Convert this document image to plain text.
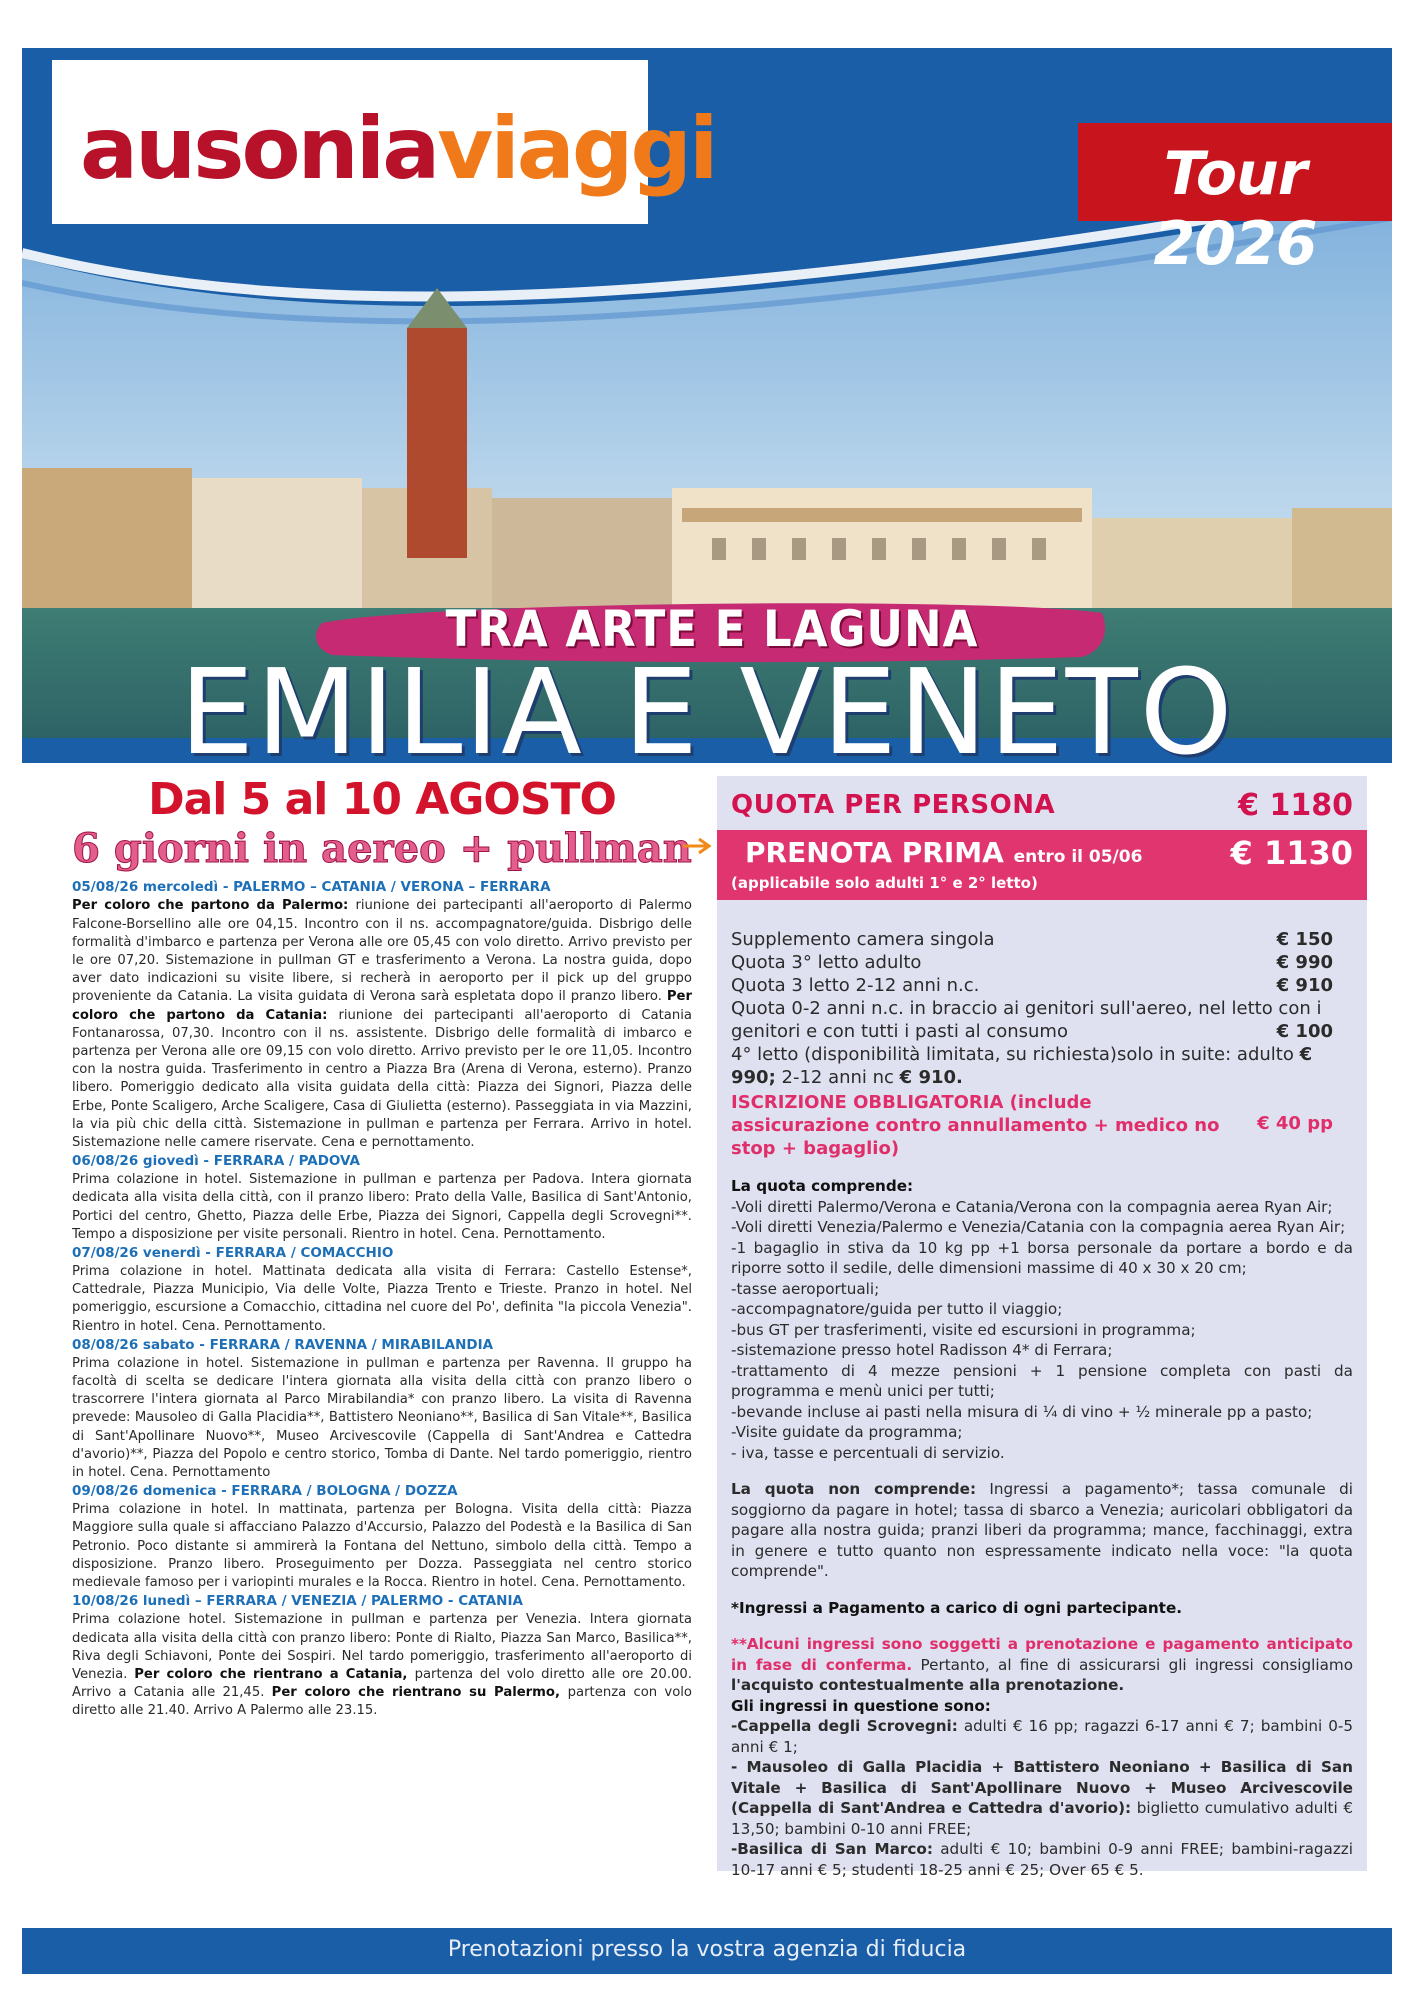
ausoniaviaggi	Tour 2026
TRA ARTE E LAGUNA
EMILIA E VENETO
Dal 5 al 10 AGOSTO
6 giorni in aereo + pullman

05/08/26 mercoledì - PALERMO – CATANIA / VERONA – FERRARA

Per coloro che partono da Palermo: riunione dei partecipanti all'aeroporto di Palermo Falcone-Borsellino alle ore 04,15. Incontro con il ns. accompagnatore/guida. Disbrigo delle formalità d'imbarco e partenza per Verona alle ore 05,45 con volo diretto. Arrivo previsto per le ore 07,20. Sistemazione in pullman GT e trasferimento a Verona. La nostra guida, dopo aver dato indicazioni su visite libere, si recherà in aeroporto per il pick up del gruppo proveniente da Catania. La visita guidata di Verona sarà espletata dopo il pranzo libero. Per coloro che partono da Catania: riunione dei partecipanti all'aeroporto di Catania Fontanarossa, 07,30. Incontro con il ns. assistente. Disbrigo delle formalità di imbarco e partenza per Verona alle ore 09,15 con volo diretto. Arrivo previsto per le ore 11,05. Incontro con la nostra guida. Trasferimento in centro a Piazza Bra (Arena di Verona, esterno). Pranzo libero. Pomeriggio dedicato alla visita guidata della città: Piazza dei Signori, Piazza delle Erbe, Ponte Scaligero, Arche Scaligere, Casa di Giulietta (esterno). Passeggiata in via Mazzini, la via più chic della città. Sistemazione in pullman e partenza per Ferrara. Arrivo in hotel. Sistemazione nelle camere riservate. Cena e pernottamento.

06/08/26 giovedì - FERRARA / PADOVA

Prima colazione in hotel. Sistemazione in pullman e partenza per Padova. Intera giornata dedicata alla visita della città, con il pranzo libero: Prato della Valle, Basilica di Sant'Antonio, Portici del centro, Ghetto, Piazza delle Erbe, Piazza dei Signori, Cappella degli Scrovegni**. Tempo a disposizione per visite personali. Rientro in hotel. Cena. Pernottamento.

07/08/26 venerdì - FERRARA / COMACCHIO

Prima colazione in hotel. Mattinata dedicata alla visita di Ferrara: Castello Estense*, Cattedrale, Piazza Municipio, Via delle Volte, Piazza Trento e Trieste. Pranzo in hotel. Nel pomeriggio, escursione a Comacchio, cittadina nel cuore del Po', definita "la piccola Venezia". Rientro in hotel. Cena. Pernottamento.

08/08/26 sabato - FERRARA / RAVENNA / MIRABILANDIA

Prima colazione in hotel. Sistemazione in pullman e partenza per Ravenna. Il gruppo ha facoltà di scelta se dedicare l'intera giornata alla visita della città con pranzo libero o trascorrere l'intera giornata al Parco Mirabilandia* con pranzo libero. La visita di Ravenna prevede: Mausoleo di Galla Placidia**, Battistero Neoniano**, Basilica di San Vitale**, Basilica di Sant'Apollinare Nuovo**, Museo Arcivescovile (Cappella di Sant'Andrea e Cattedra d'avorio)**, Piazza del Popolo e centro storico, Tomba di Dante. Nel tardo pomeriggio, rientro in hotel. Cena. Pernottamento

09/08/26 domenica - FERRARA / BOLOGNA / DOZZA

Prima colazione in hotel. In mattinata, partenza per Bologna. Visita della città: Piazza Maggiore sulla quale si affacciano Palazzo d'Accursio, Palazzo del Podestà e la Basilica di San Petronio. Poco distante si ammirerà la Fontana del Nettuno, simbolo della città. Tempo a disposizione. Pranzo libero. Proseguimento per Dozza. Passeggiata nel centro storico medievale famoso per i variopinti murales e la Rocca. Rientro in hotel. Cena. Pernottamento.

10/08/26 lunedì – FERRARA / VENEZIA / PALERMO - CATANIA

Prima colazione hotel. Sistemazione in pullman e partenza per Venezia. Intera giornata dedicata alla visita della città con pranzo libero: Ponte di Rialto, Piazza San Marco, Basilica**, Riva degli Schiavoni, Ponte dei Sospiri. Nel tardo pomeriggio, trasferimento all'aeroporto di Venezia. Per coloro che rientrano a Catania, partenza del volo diretto alle ore 20.00. Arrivo a Catania alle 21,45. Per coloro che rientrano su Palermo, partenza con volo diretto alle 21.40. Arrivo A Palermo alle 23.15.

QUOTA PER PERSONA	€ 1180
PRENOTA PRIMA entro il 05/06	€ 1130
(applicabile solo adulti 1° e 2° letto)
Supplemento camera singola	€ 150
Quota 3° letto adulto	€ 990
Quota 3 letto 2-12 anni n.c.	€ 910
Quota 0-2 anni n.c. in braccio ai genitori sull'aereo, nel letto con i genitori e con tutti i pasti al consumo	€ 100
4° letto (disponibilità limitata, su richiesta)solo in suite: adulto € 990; 2-12 anni nc € 910.
ISCRIZIONE OBBLIGATORIA (include assicurazione contro annullamento + medico no stop + bagaglio)
€ 40 pp

La quota comprende:

-Voli diretti Palermo/Verona e Catania/Verona con la compagnia aerea Ryan Air;

-Voli diretti Venezia/Palermo e Venezia/Catania con la compagnia aerea Ryan Air;

-1 bagaglio in stiva da 10 kg pp +1 borsa personale da portare a bordo e da riporre sotto il sedile, delle dimensioni massime di 40 x 30 x 20 cm;

-tasse aeroportuali;

-accompagnatore/guida per tutto il viaggio;

-bus GT per trasferimenti, visite ed escursioni in programma;

-sistemazione presso hotel Radisson 4* di Ferrara;

-trattamento di 4 mezze pensioni + 1 pensione completa con pasti da programma e menù unici per tutti;

-bevande incluse ai pasti nella misura di ¼ di vino + ½ minerale pp a pasto;

-Visite guidate da programma;

- iva, tasse e percentuali di servizio.

La quota non comprende: Ingressi a pagamento*; tassa comunale di soggiorno da pagare in hotel; tassa di sbarco a Venezia; auricolari obbligatori da pagare alla nostra guida; pranzi liberi da programma; mance, facchinaggi, extra in genere e tutto quanto non espressamente indicato nella voce: "la quota comprende".

*Ingressi a Pagamento a carico di ogni partecipante.

**Alcuni ingressi sono soggetti a prenotazione e pagamento anticipato in fase di conferma. Pertanto, al fine di assicurarsi gli ingressi consigliamo l'acquisto contestualmente alla prenotazione.

Gli ingressi in questione sono:

-Cappella degli Scrovegni: adulti € 16 pp; ragazzi 6-17 anni € 7; bambini 0-5 anni € 1;

- Mausoleo di Galla Placidia + Battistero Neoniano + Basilica di San Vitale + Basilica di Sant'Apollinare Nuovo + Museo Arcivescovile (Cappella di Sant'Andrea e Cattedra d'avorio): biglietto cumulativo adulti € 13,50; bambini 0-10 anni FREE;

-Basilica di San Marco: adulti € 10; bambini 0-9 anni FREE; bambini-ragazzi 10-17 anni € 5; studenti 18-25 anni € 25; Over 65 € 5.

Prenotazioni presso la vostra agenzia di fiducia
